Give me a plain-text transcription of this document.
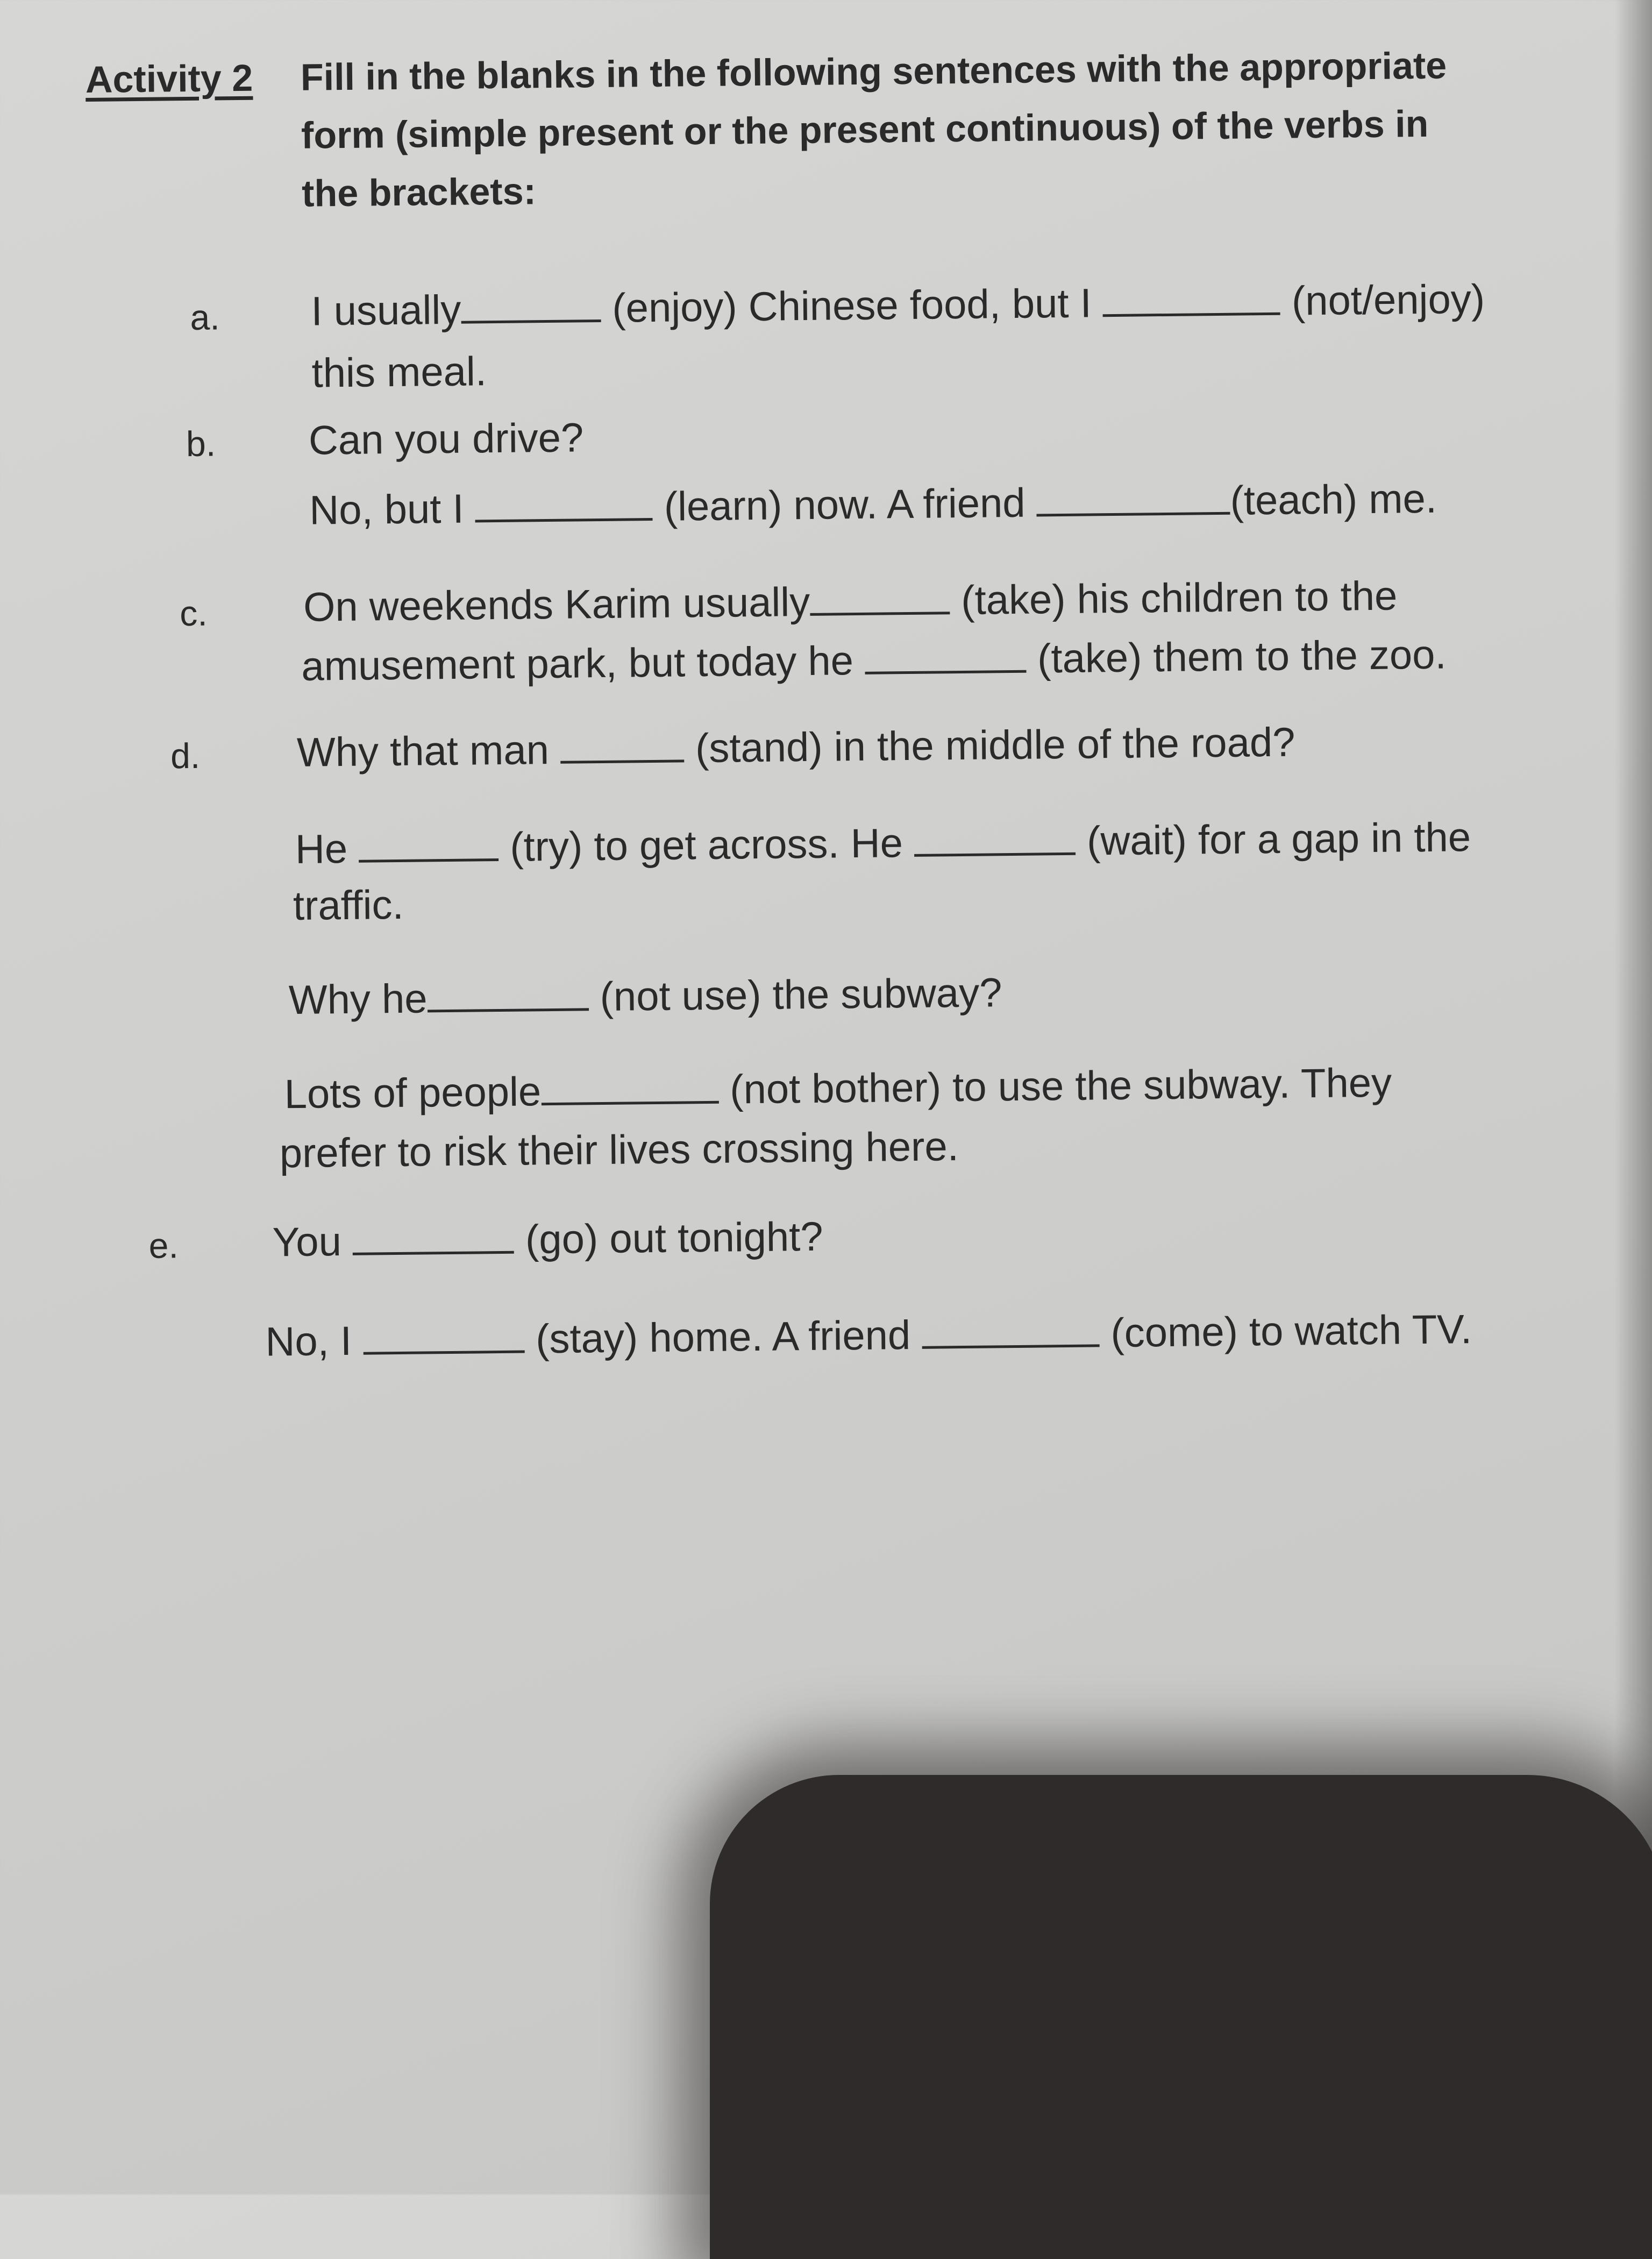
Activity 2	Fill in the blanks in the following sentences with the appropriate
form (simple present or the present continuous) of the verbs in
the brackets:
a. I usually	(enjoy) Chinese food, but I	(not/enjoy)
this meal.
b. Can you drive?
No, but I	(learn) now. A friend	(teach) me.
c. On weekends Karim usually	(take) his children to the
amusement park, but today he	(take) them to the zoo.
d. Why that man	(stand) in the middle of the road?
He	(try) to get across. He	(wait) for a gap in the
traffic.
Why he	(not use) the subway?
Lots of people	(not bother) to use the subway. They
prefer to risk their lives crossing here.
e. You	(go) out tonight?
No, I	(stay) home. A friend	(come) to watch TV.
